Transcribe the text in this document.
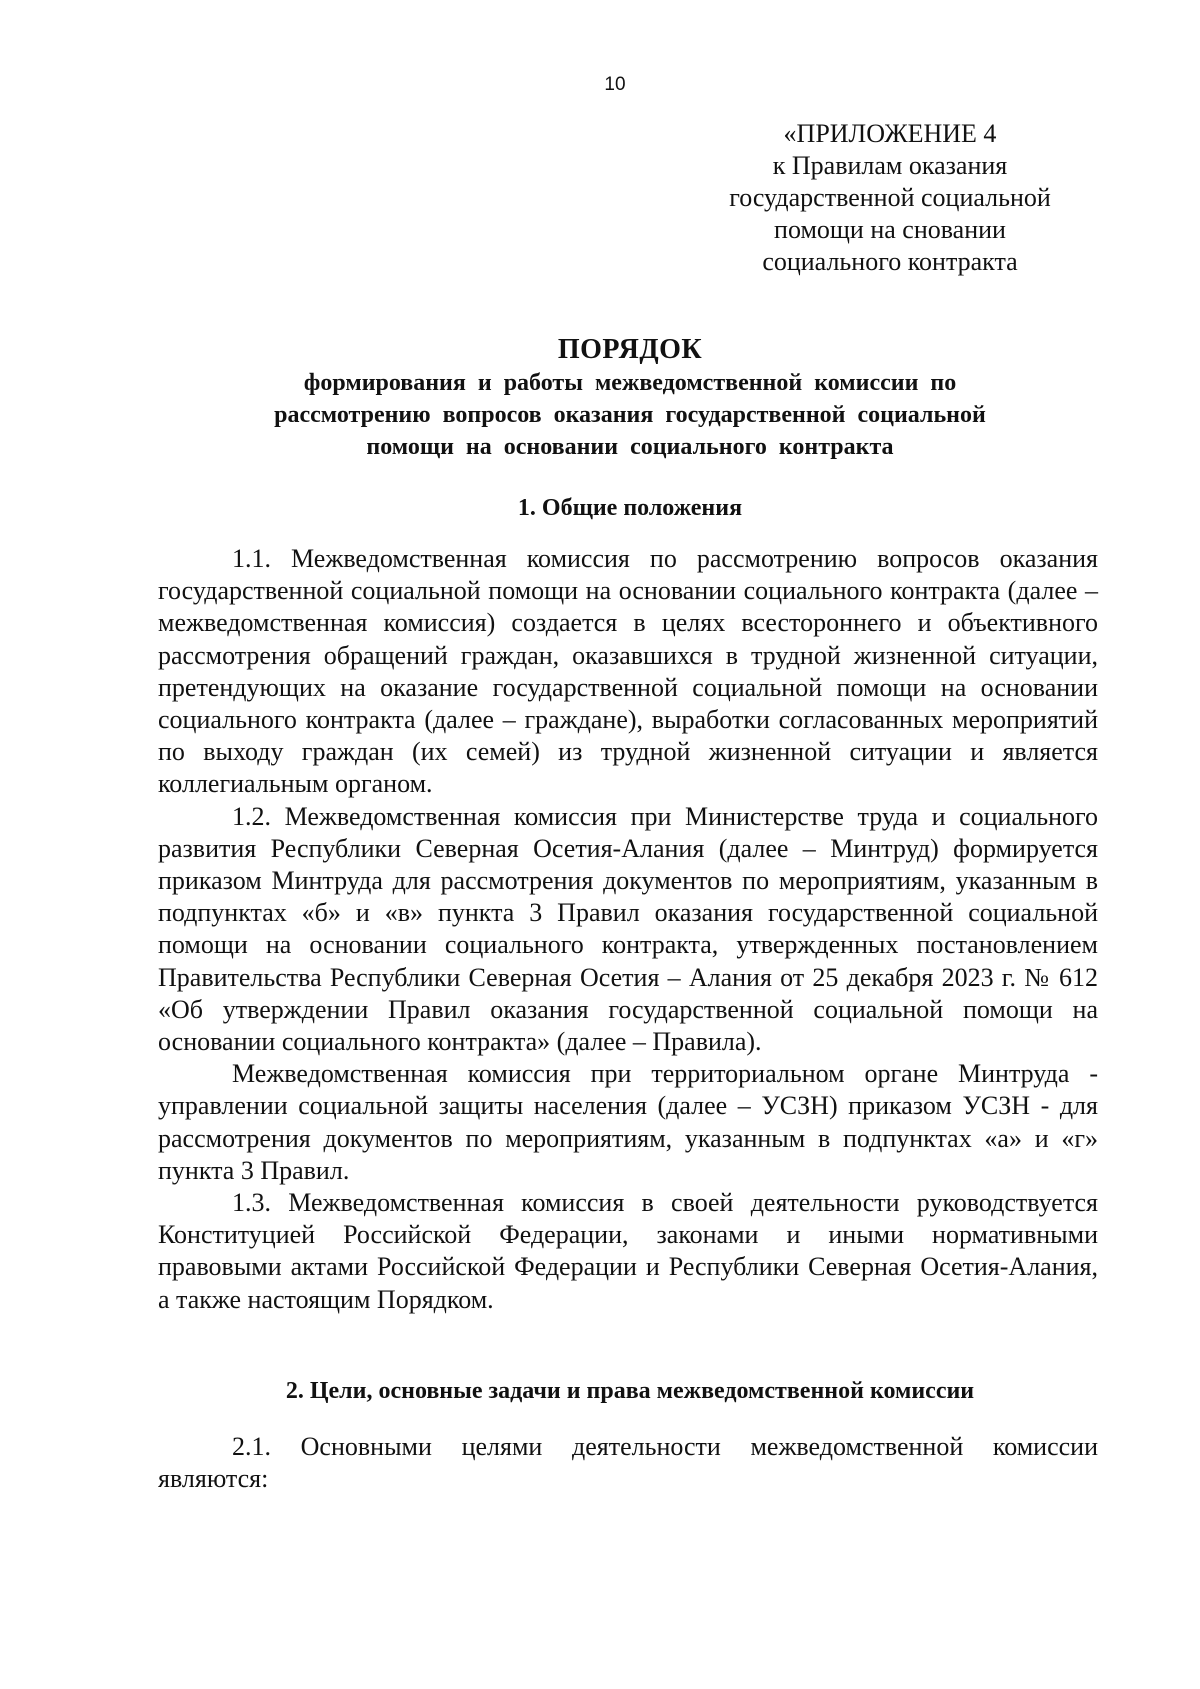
10
«ПРИЛОЖЕНИЕ 4
к Правилам оказания
государственной социальной
помощи на сновании
социального контракта
ПОРЯДОК
формирования и работы межведомственной комиссии по
рассмотрению вопросов оказания государственной социальной
помощи на основании социального контракта
1. Общие положения

1.1. Межведомственная комиссия по рассмотрению вопросов оказания государственной социальной помощи на основании социального контракта (далее – межведомственная комиссия) создается в целях всестороннего и объективного рассмотрения обращений граждан, оказавшихся в трудной жизненной ситуации, претендующих на оказание государственной социальной помощи на основании социального контракта (далее – граждане), выработки согласованных мероприятий по выходу граждан (их семей) из трудной жизненной ситуации и является коллегиальным органом.

1.2. Межведомственная комиссия при Министерстве труда и социального развития Республики Северная Осетия-Алания (далее – Минтруд) формируется приказом Минтруда для рассмотрения документов по мероприятиям, указанным в подпунктах «б» и «в» пункта 3 Правил оказания государственной социальной помощи на основании социального контракта, утвержденных постановлением Правительства Республики Северная Осетия – Алания от 25 декабря 2023 г. № 612 «Об утверждении Правил оказания государственной социальной помощи на основании социального контракта» (далее – Правила).

Межведомственная комиссия при территориальном органе Минтруда - управлении социальной защиты населения (далее – УСЗН) приказом УСЗН - для рассмотрения документов по мероприятиям, указанным в подпунктах «а» и «г» пункта 3 Правил.

1.3. Межведомственная комиссия в своей деятельности руководствуется Конституцией Российской Федерации, законами и иными нормативными правовыми актами Российской Федерации и Республики Северная Осетия-Алания, а также настоящим Порядком.

2. Цели, основные задачи и права межведомственной комиссии

2.1. Основными целями деятельности межведомственной комиссии являются:
